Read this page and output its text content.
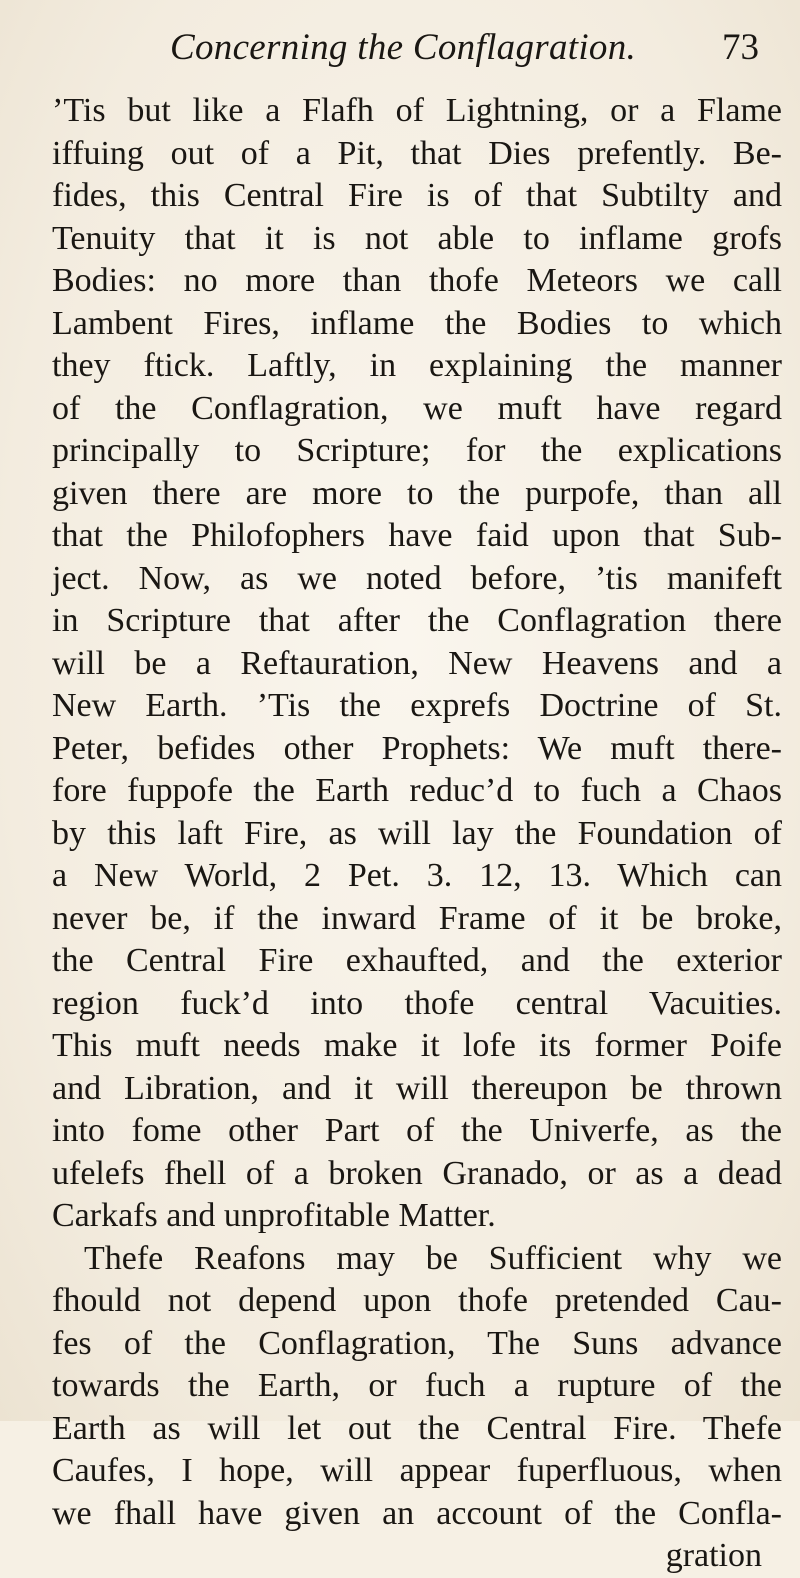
Concerning the Conflagration. 73
’Tis but like a Flafh of Lightning, or a Flame
iffuing out of a Pit, that Dies prefently. Be-
fides, this Central Fire is of that Subtilty and
Tenuity that it is not able to inflame grofs
Bodies: no more than thofe Meteors we call
Lambent Fires, inflame the Bodies to which
they ftick. Laftly, in explaining the manner
of the Conflagration, we muft have regard
principally to Scripture; for the explications
given there are more to the purpofe, than all
that the Philofophers have faid upon that Sub-
ject. Now, as we noted before, ’tis manifeft
in Scripture that after the Conflagration there
will be a Reftauration, New Heavens and a
New Earth. ’Tis the exprefs Doctrine of St.
Peter, befides other Prophets: We muft there-
fore fuppofe the Earth reduc’d to fuch a Chaos
by this laft Fire, as will lay the Foundation of
a New World, 2 Pet. 3. 12, 13. Which can
never be, if the inward Frame of it be broke,
the Central Fire exhaufted, and the exterior
region fuck’d into thofe central Vacuities.
This muft needs make it lofe its former Poife
and Libration, and it will thereupon be thrown
into fome other Part of the Univerfe, as the
ufelefs fhell of a broken Granado, or as a dead
Carkafs and unprofitable Matter.
Thefe Reafons may be Sufficient why we
fhould not depend upon thofe pretended Cau-
fes of the Conflagration, The Suns advance
towards the Earth, or fuch a rupture of the
Earth as will let out the Central Fire. Thefe
Caufes, I hope, will appear fuperfluous, when
we fhall have given an account of the Confla-
gration
